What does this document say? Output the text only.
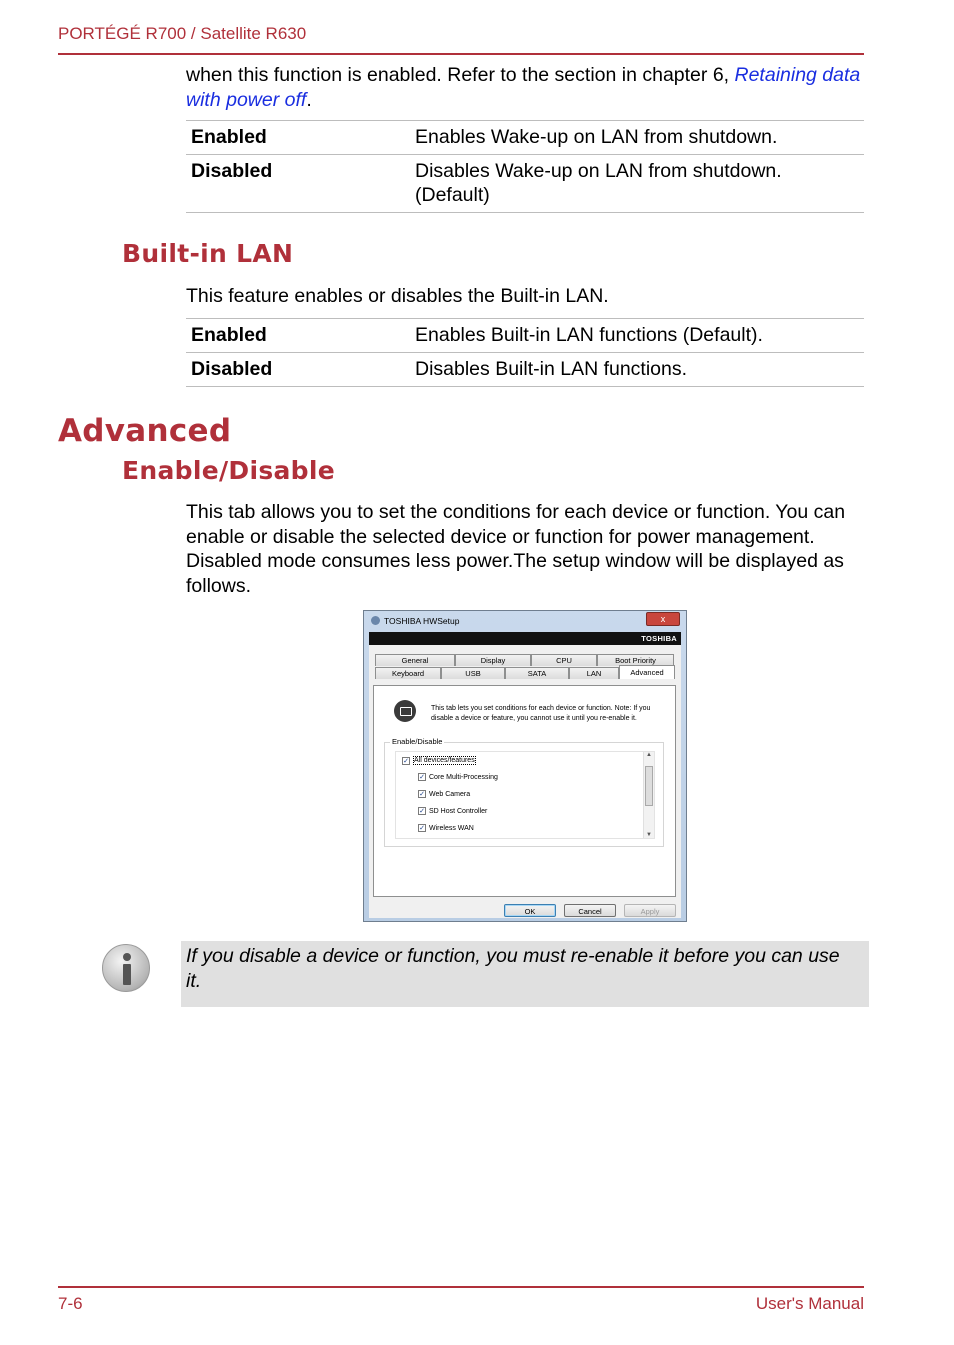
PORTÉGÉ R700 / Satellite R630
when this function is enabled. Refer to the section in chapter 6, Retaining data with power off.
Enabled	Enables Wake-up on LAN from shutdown.
Disabled	Disables Wake-up on LAN from shutdown. (Default)
Built-in LAN
This feature enables or disables the Built-in LAN.
Enabled	Enables Built-in LAN functions (Default).
Disabled	Disables Built-in LAN functions.
Advanced
Enable/Disable
This tab allows you to set the conditions for each device or function. You can enable or disable the selected device or function for power management. Disabled mode consumes less power.The setup window will be displayed as follows.
TOSHIBA HWSetup	x
TOSHIBA
General	Display	CPU	Boot Priority
Keyboard	USB	SATA	LAN	Advanced
This tab lets you set conditions for each device or function. Note: If you disable a device or feature, you cannot use it until you re-enable it.
✓ All devices/features
✓ Core Multi-Processing
✓ Web Camera
✓ SD Host Controller
✓ Wireless WAN
▲
▼
Enable/Disable
OK	Cancel	Apply
If you disable a device or function, you must re-enable it before you can use it.
7-6	User's Manual
